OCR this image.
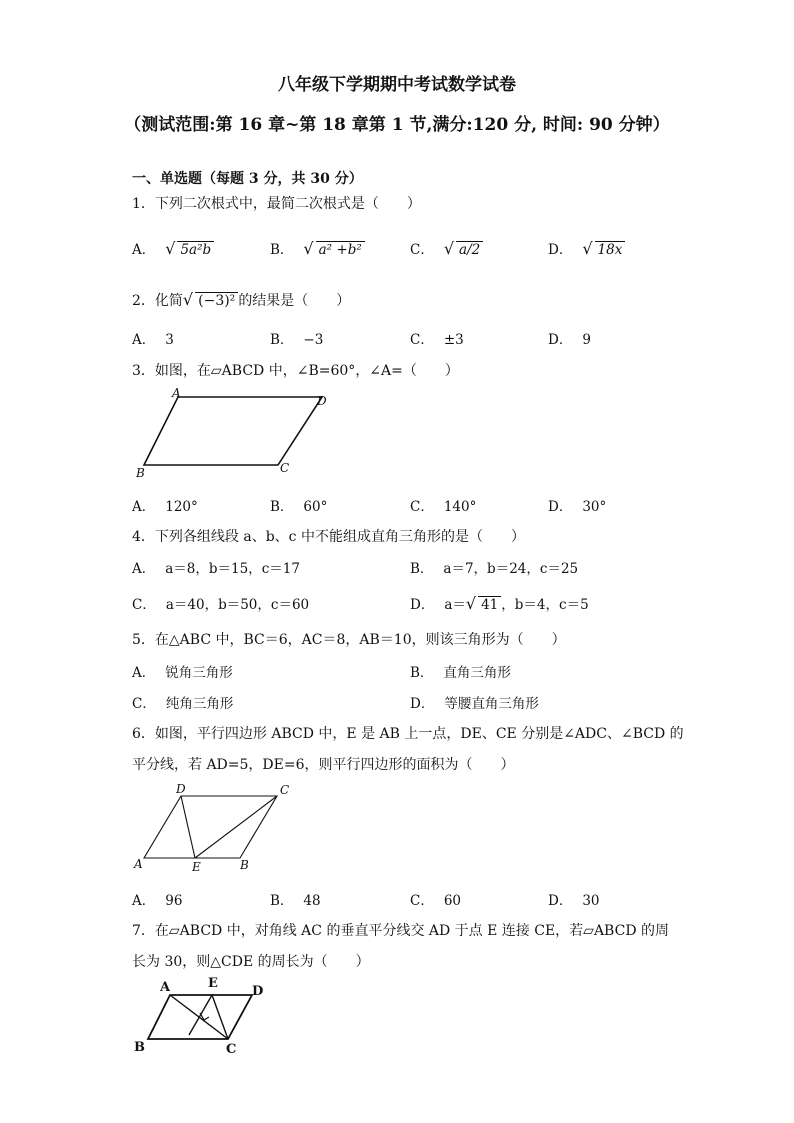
八年级下学期期中考试数学试卷
（测试范围:第 16 章~第 18 章第 1 节,满分:120 分, 时间: 90 分钟）
一、单选题（每题 3 分，共 30 分）
1．下列二次根式中，最简二次根式是（　　）
A． √ 5a²b	B． √ a² +b²	C． √ a/2	D． √ 18x
2．化简√ (−3)² 的结果是（　　）
A． 3	B． −3	C． ±3	D． 9
3．如图，在▱ABCD 中，∠B=60°，∠A=（　　）
A
D
C
B
A． 120°	B． 60°	C． 140°	D． 30°
4．下列各组线段 a、b、c 中不能组成直角三角形的是（　　）
A． a＝8，b＝15，c＝17	B． a＝7，b＝24，c＝25
C． a＝40，b＝50，c＝60	D． a＝√ 41 ，b＝4，c＝5
5．在△ABC 中，BC＝6，AC＝8，AB＝10，则该三角形为（　　）
A． 锐角三角形	B． 直角三角形
C． 纯角三角形	D． 等腰直角三角形
6．如图，平行四边形 ABCD 中，E 是 AB 上一点，DE、CE 分别是∠ADC、∠BCD 的
平分线，若 AD=5，DE=6，则平行四边形的面积为（　　）
D	C
A	E	B
A． 96	B． 48	C． 60	D． 30
7．在▱ABCD 中，对角线 AC 的垂直平分线交 AD 于点 E 连接 CE，若▱ABCD 的周
长为 30，则△CDE 的周长为（　　）
A	E
D
B	C
